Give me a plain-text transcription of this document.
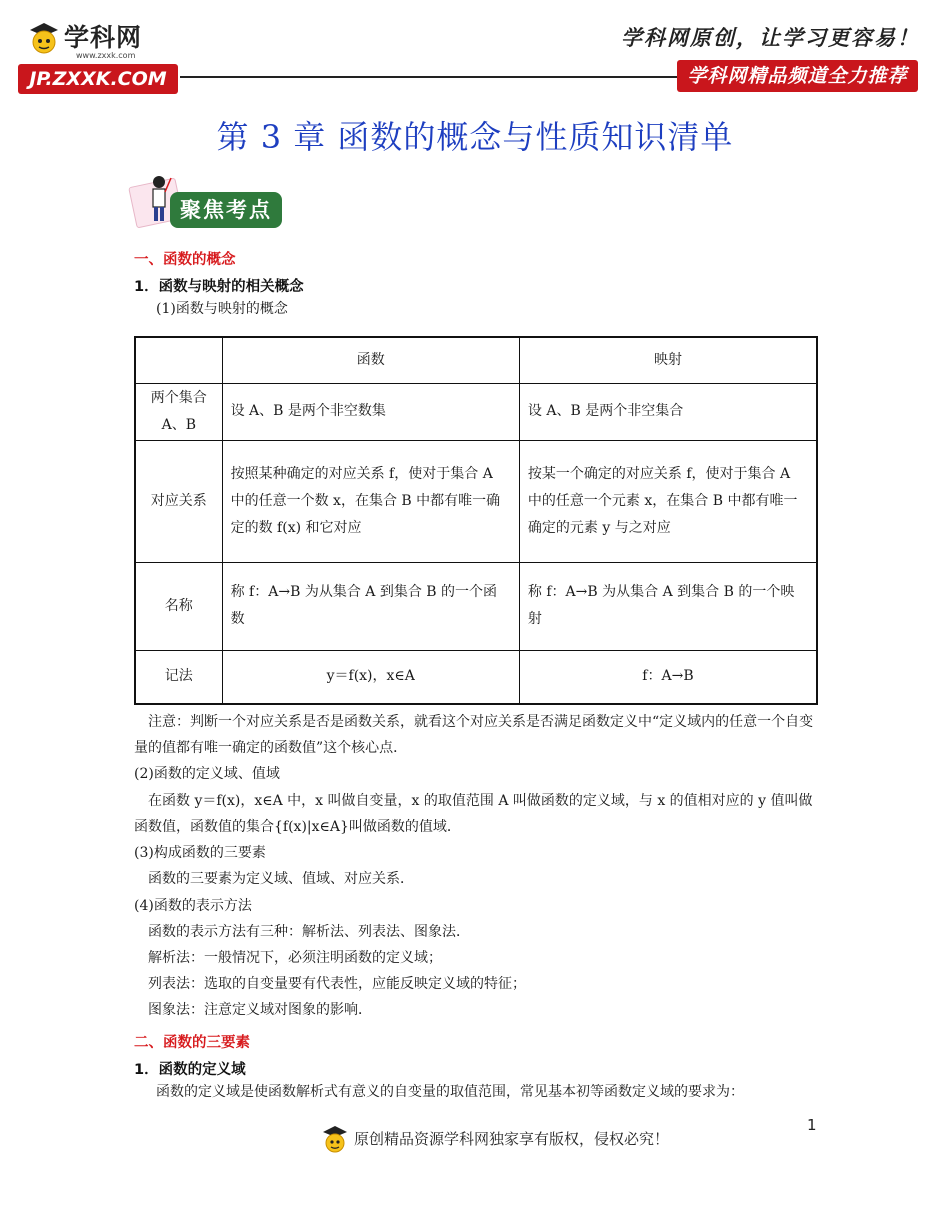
学科网
www.zxxk.com
JP.ZXXK.COM
学科网原创，让学习更容易！
学科网精品频道全力推荐
第 3 章 函数的概念与性质知识清单
聚焦考点
一、函数的概念
1．函数与映射的相关概念
(1)函数与映射的概念
	函数	映射
两个集合 A、B	设 A、B 是两个非空数集	设 A、B 是两个非空集合
对应关系	按照某种确定的对应关系 f，使对于集合 A 中的任意一个数 x，在集合 B 中都有唯一确定的数 f(x) 和它对应	按某一个确定的对应关系 f，使对于集合 A 中的任意一个元素 x，在集合 B 中都有唯一确定的元素 y 与之对应
名称	称 f：A→B 为从集合 A 到集合 B 的一个函数	称 f：A→B 为从集合 A 到集合 B 的一个映射
记法	y＝f(x)，x∈A	f：A→B
注意：判断一个对应关系是否是函数关系，就看这个对应关系是否满足函数定义中“定义域内的任意一个自变量的值都有唯一确定的函数值”这个核心点．
(2)函数的定义域、值域
在函数 y＝f(x)，x∈A 中，x 叫做自变量，x 的取值范围 A 叫做函数的定义域，与 x 的值相对应的 y 值叫做函数值，函数值的集合{f(x)|x∈A}叫做函数的值域．
(3)构成函数的三要素
函数的三要素为定义域、值域、对应关系．
(4)函数的表示方法
函数的表示方法有三种：解析法、列表法、图象法．
解析法：一般情况下，必须注明函数的定义域；
列表法：选取的自变量要有代表性，应能反映定义域的特征；
图象法：注意定义域对图象的影响．
二、函数的三要素
1．函数的定义域
函数的定义域是使函数解析式有意义的自变量的取值范围，常见基本初等函数定义域的要求为：
1
原创精品资源学科网独家享有版权，侵权必究！
